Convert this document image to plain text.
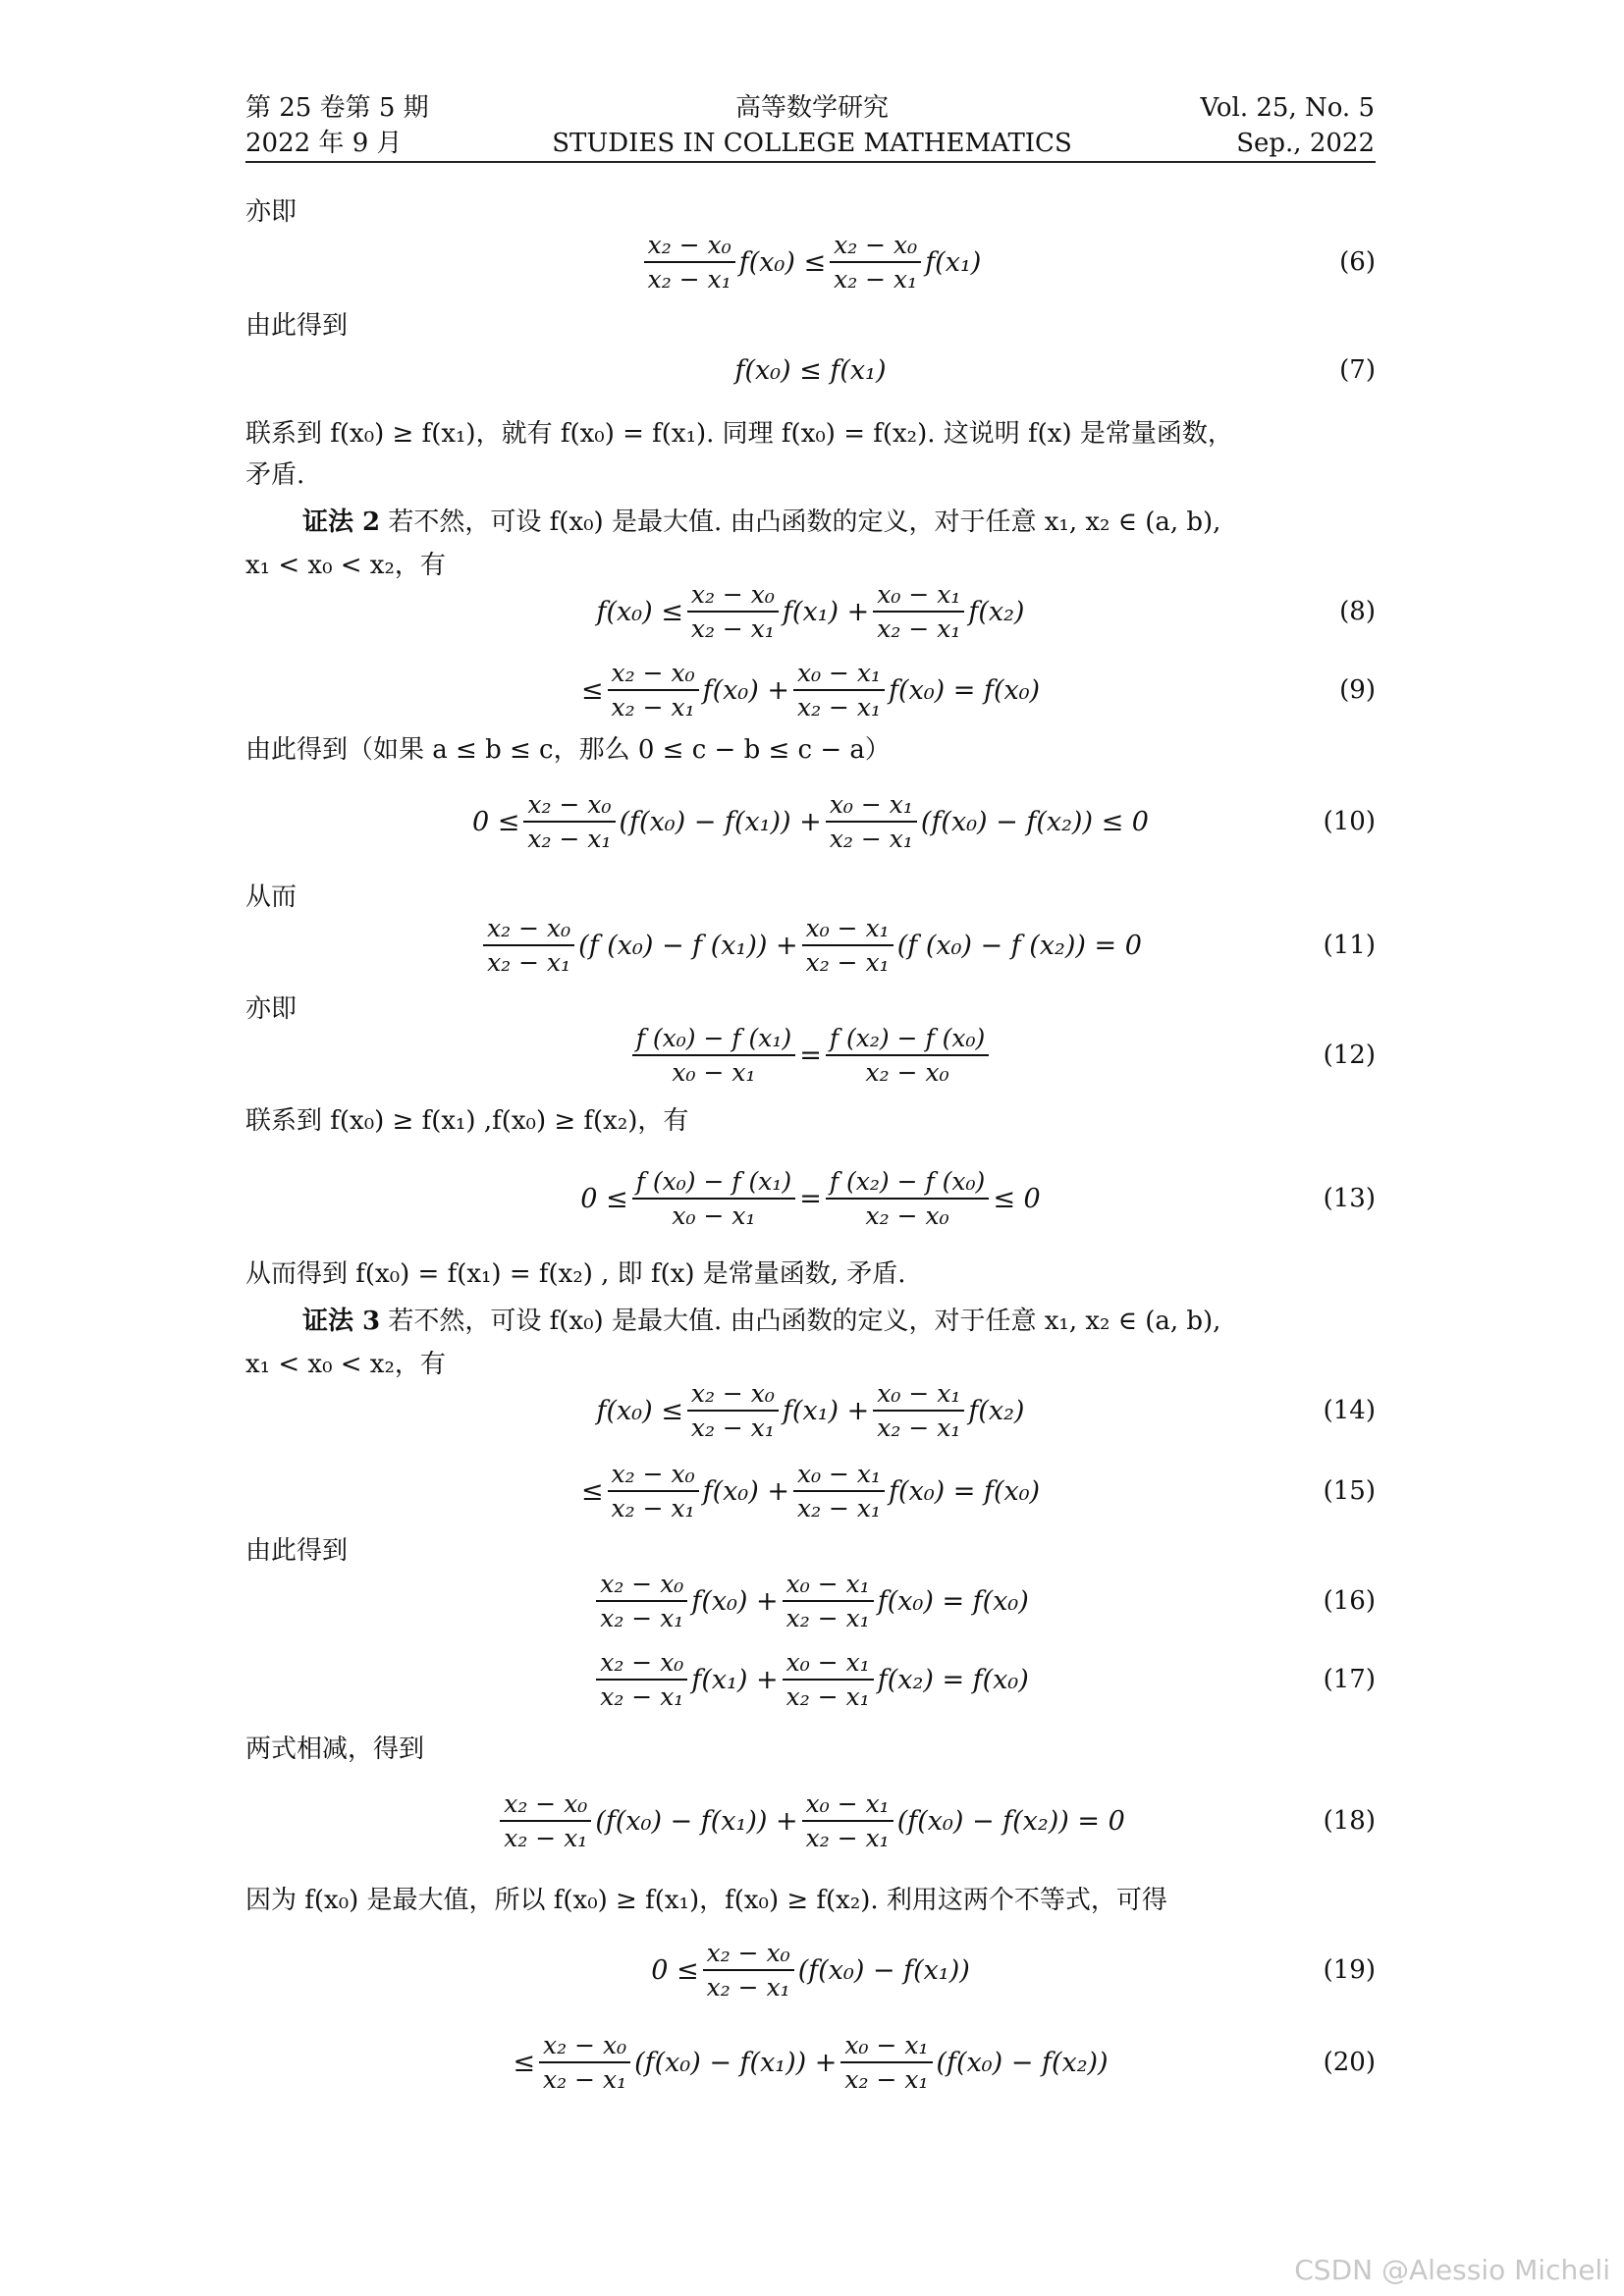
第 25 卷第 5 期
2022 年 9 月
高等数学研究
STUDIES IN COLLEGE MATHEMATICS
Vol. 25, No. 5
Sep., 2022
亦即
$\frac{\text{x₂ − x₀}}{\text{x₂ − x₁}} f(x_0) \le \frac{\text{x₂ − x₀}}{\text{x₂ − x₁}} f(x_1)$	(6)
由此得到
f(x₀) ≤ f(x₁)	(7)
联系到 f(x₀) ≥ f(x₁)，就有 f(x₀) = f(x₁). 同理 f(x₀) = f(x₂). 这说明 f(x) 是常量函数，
矛盾.
证法 2 若不然，可设 f(x₀) 是最大值. 由凸函数的定义，对于任意 x₁, x₂ ∈ (a, b),
x₁ < x₀ < x₂，有
$f(x_0) \le \frac{\text{x₂ − x₀}}{\text{x₂ − x₁}} f(x_1) + \frac{\text{x₀ − x₁}}{\text{x₂ − x₁}} f(x_2)$	(8)
≤ $\frac{\text{x₂ − x₀}}{\text{x₂ − x₁}} f(x_0) + \frac{\text{x₀ − x₁}}{\text{x₂ − x₁}} f(x_0) = f(x_0)$	(9)
由此得到（如果 a ≤ b ≤ c，那么 0 ≤ c − b ≤ c − a）
$0 \le \frac{\text{x₂ − x₀}}{\text{x₂ − x₁}} (f(x_0) - f(x_1)) + \frac{\text{x₀ − x₁}}{\text{x₂ − x₁}} (f(x_0) - f(x_2)) \le 0$	(10)
从而
$\frac{\text{x₂ − x₀}}{\text{x₂ − x₁}} (f$ (x₀) − f $(x_1)) + \frac{\text{x₀ − x₁}}{\text{x₂ − x₁}} (f$ (x₀) − f (x₂)) = 0	(11)
亦即
$\frac{\text{f (x₀) − f (x₁)}}{\text{x₀ − x₁}} = \frac{\text{f (x₂) − f (x₀)}}{\text{x₂ − x₀}}$	(12)
联系到 f(x₀) ≥ f(x₁) ,f(x₀) ≥ f(x₂)，有
$0 \le \frac{\text{f (x₀) − f (x₁)}}{\text{x₀ − x₁}} = \frac{\text{f (x₂) − f (x₀)}}{\text{x₂ − x₀}} \le 0$	(13)
从而得到 f(x₀) = f(x₁) = f(x₂) , 即 f(x) 是常量函数, 矛盾.
证法 3 若不然，可设 f(x₀) 是最大值. 由凸函数的定义，对于任意 x₁, x₂ ∈ (a, b),
x₁ < x₀ < x₂，有
$f(x_0) \le \frac{\text{x₂ − x₀}}{\text{x₂ − x₁}} f(x_1) + \frac{\text{x₀ − x₁}}{\text{x₂ − x₁}} f(x_2)$	(14)
≤ $\frac{\text{x₂ − x₀}}{\text{x₂ − x₁}} f(x_0) + \frac{\text{x₀ − x₁}}{\text{x₂ − x₁}} f(x_0) = f(x_0)$	(15)
由此得到
$\frac{\text{x₂ − x₀}}{\text{x₂ − x₁}} f(x_0) + \frac{\text{x₀ − x₁}}{\text{x₂ − x₁}} f(x_0) = f(x_0)$	(16)
$\frac{\text{x₂ − x₀}}{\text{x₂ − x₁}} f(x_1) + \frac{\text{x₀ − x₁}}{\text{x₂ − x₁}} f(x_2) = f(x_0)$	(17)
两式相减，得到
$\frac{\text{x₂ − x₀}}{\text{x₂ − x₁}} (f(x_0) - f(x_1)) + \frac{\text{x₀ − x₁}}{\text{x₂ − x₁}} (f(x_0) - f(x_2)) = 0$	(18)
因为 f(x₀) 是最大值，所以 f(x₀) ≥ f(x₁)，f(x₀) ≥ f(x₂). 利用这两个不等式，可得
$0 \le \frac{\text{x₂ − x₀}}{\text{x₂ − x₁}} (f(x_0) - f(x_1))$	(19)
≤ $\frac{\text{x₂ − x₀}}{\text{x₂ − x₁}} (f(x_0) - f(x_1)) + \frac{\text{x₀ − x₁}}{\text{x₂ − x₁}} (f(x_0) - f(x_2))$	(20)
CSDN @Alessio Micheli
